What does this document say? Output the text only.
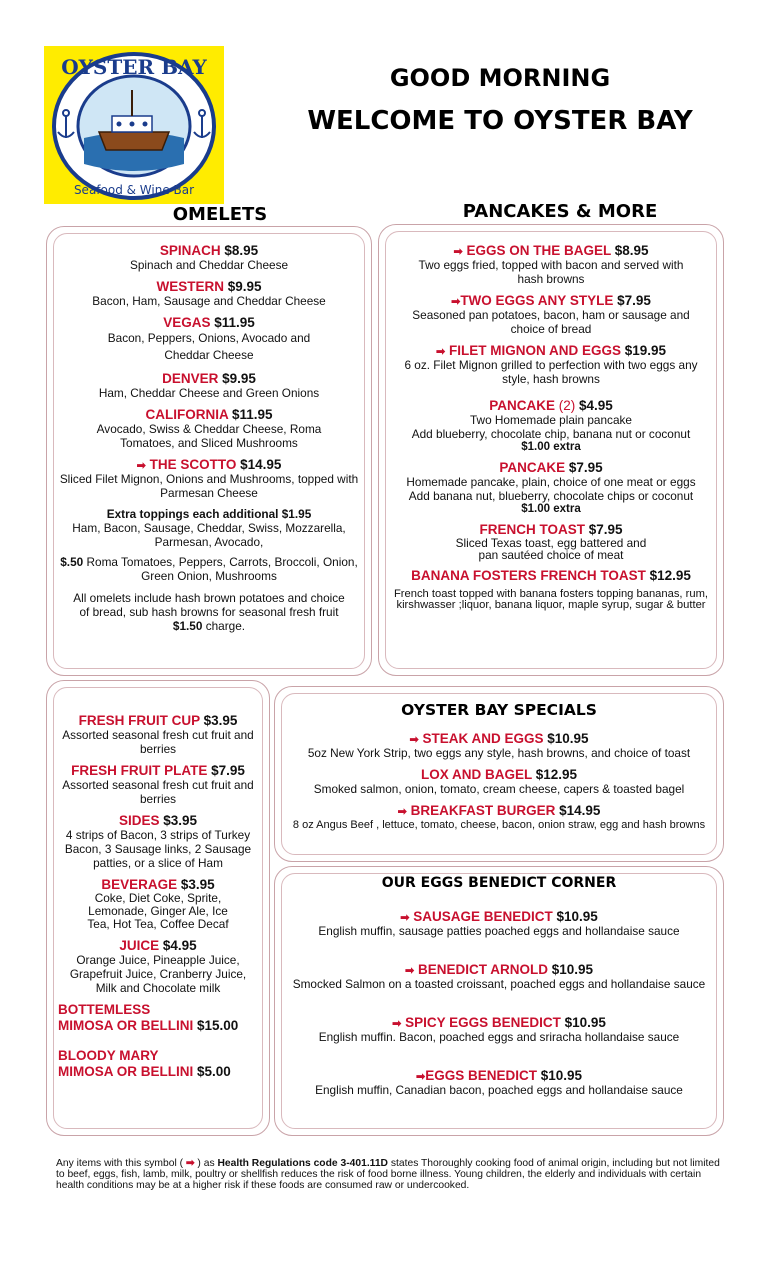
OYSTER BAY
Seafood & Wine Bar
GOOD MORNING
WELCOME TO OYSTER BAY
OMELETS
SPINACH $8.95
Spinach and Cheddar Cheese
WESTERN $9.95
Bacon, Ham, Sausage and Cheddar Cheese
VEGAS $11.95
Bacon, Peppers, Onions, Avocado and Cheddar Cheese
DENVER $9.95
Ham, Cheddar Cheese and Green Onions
CALIFORNIA $11.95
Avocado, Swiss & Cheddar Cheese, Roma Tomatoes, and Sliced Mushrooms
➡ THE SCOTTO $14.95
Sliced Filet Mignon, Onions and Mushrooms, topped with Parmesan Cheese
Extra toppings each additional $1.95
Ham, Bacon, Sausage, Cheddar, Swiss, Mozzarella, Parmesan, Avocado,
$.50 Roma Tomatoes, Peppers, Carrots, Broccoli, Onion, Green Onion, Mushrooms
All omelets include hash brown potatoes and choice of bread, sub hash browns for seasonal fresh fruit $1.50 charge.
PANCAKES & MORE
➡ EGGS ON THE BAGEL $8.95
Two eggs fried, topped with bacon and served with hash browns
➡TWO EGGS ANY STYLE $7.95
Seasoned pan potatoes, bacon, ham or sausage and choice of bread
➡ FILET MIGNON AND EGGS $19.95
6 oz. Filet Mignon grilled to perfection with two eggs any style, hash browns
PANCAKE (2) $4.95
Two Homemade plain pancake
Add blueberry, chocolate chip, banana nut or coconut
$1.00 extra
PANCAKE $7.95
Homemade pancake, plain, choice of one meat or eggs
Add banana nut, blueberry, chocolate chips or coconut
$1.00 extra
FRENCH TOAST $7.95
Sliced Texas toast, egg battered and pan sautéed choice of meat
BANANA FOSTERS FRENCH TOAST $12.95
French toast topped with banana fosters topping bananas, rum, kirshwasser ;liquor, banana liquor, maple syrup, sugar & butter
FRESH FRUIT CUP $3.95
Assorted seasonal fresh cut fruit and berries
FRESH FRUIT PLATE $7.95
Assorted seasonal fresh cut fruit and berries
SIDES $3.95
4 strips of Bacon, 3 strips of Turkey Bacon, 3 Sausage links, 2 Sausage patties, or a slice of Ham
BEVERAGE $3.95
Coke, Diet Coke, Sprite, Lemonade, Ginger Ale, Ice Tea, Hot Tea, Coffee Decaf
JUICE $4.95
Orange Juice, Pineapple Juice, Grapefruit Juice, Cranberry Juice, Milk and Chocolate milk
BOTTEMLESS
MIMOSA OR BELLINI $15.00
BLOODY MARY
MIMOSA OR BELLINI $5.00
OYSTER BAY SPECIALS
➡ STEAK AND EGGS $10.95
5oz New York Strip, two eggs any style, hash browns, and choice of toast
LOX AND BAGEL $12.95
Smoked salmon, onion, tomato, cream cheese, capers & toasted bagel
➡ BREAKFAST BURGER $14.95
8 oz Angus Beef , lettuce, tomato, cheese, bacon, onion straw, egg and hash browns
OUR EGGS BENEDICT CORNER
➡ SAUSAGE BENEDICT $10.95
English muffin, sausage patties poached eggs and hollandaise sauce
➡ BENEDICT ARNOLD $10.95
Smocked Salmon on a toasted croissant, poached eggs and hollandaise sauce
➡ SPICY EGGS BENEDICT $10.95
English muffin. Bacon, poached eggs and sriracha hollandaise sauce
➡EGGS BENEDICT $10.95
English muffin, Canadian bacon, poached eggs and hollandaise sauce
Any items with this symbol ( ➡ ) as Health Regulations code 3-401.11D states Thoroughly cooking food of animal origin, including but not limited to beef, eggs, fish, lamb, milk, poultry or shellfish reduces the risk of food borne illness. Young children, the elderly and individuals with certain health conditions may be at a higher risk if these foods are consumed raw or undercooked.
